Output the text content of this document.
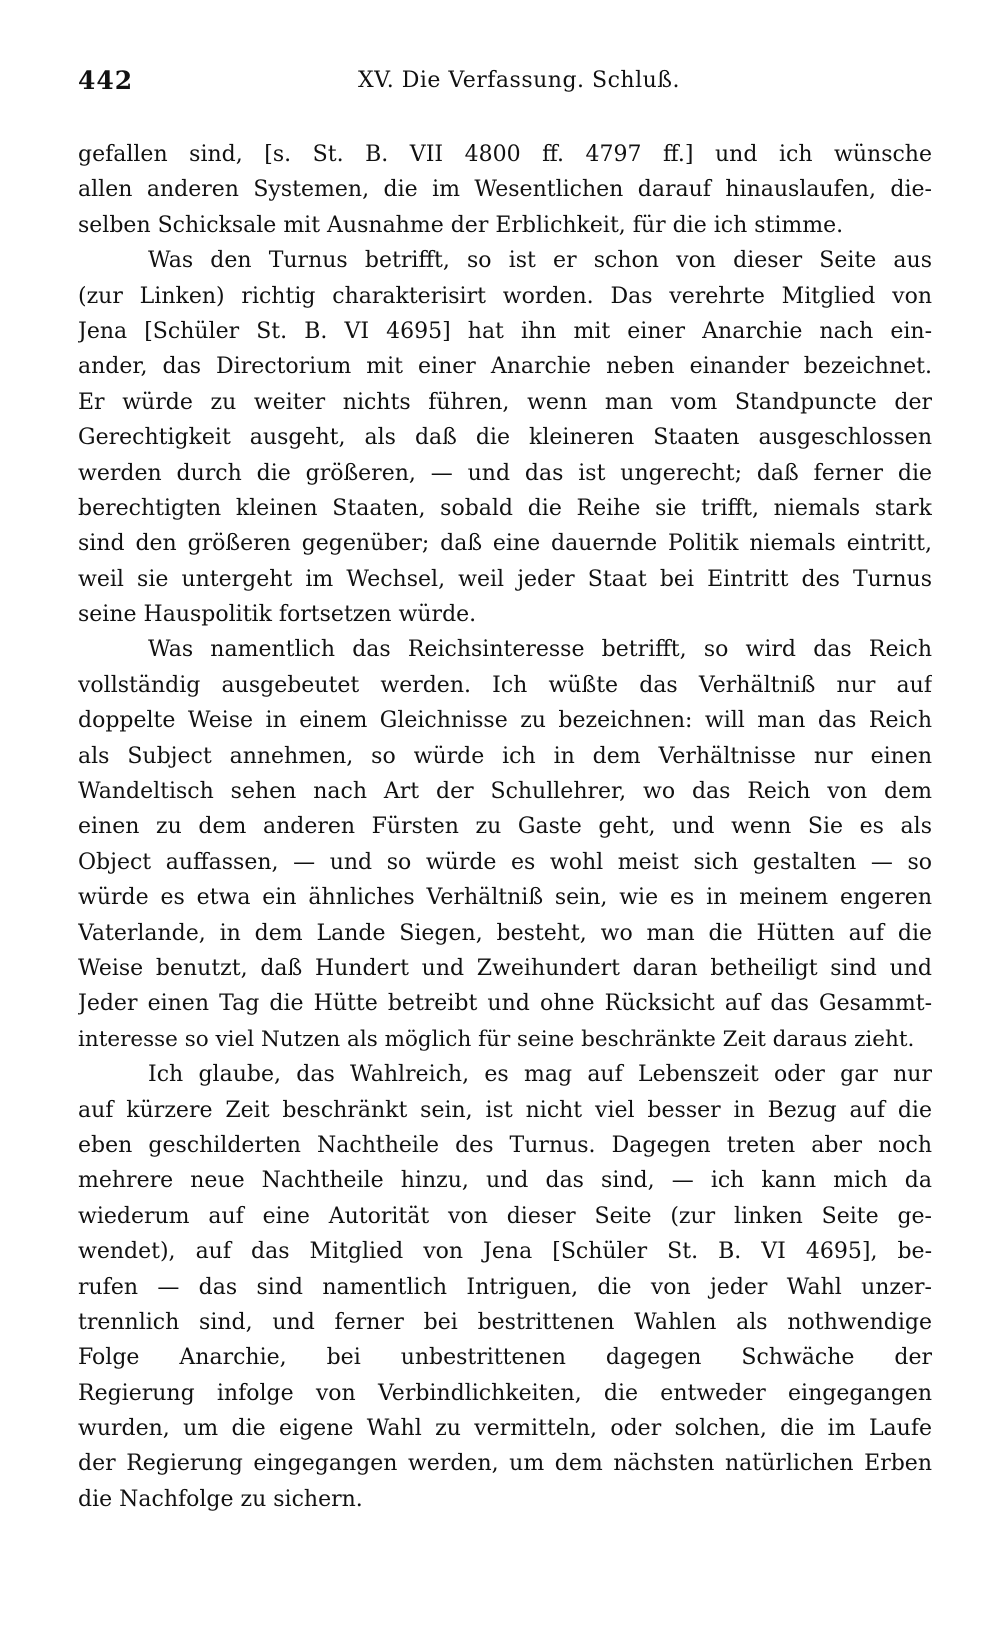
442	XV. Die Verfassung. Schluß.
gefallen sind, [s. St. B. VII 4800 ff. 4797 ff.] und ich wünsche
allen anderen Systemen, die im Wesentlichen darauf hinauslaufen, die-
selben Schicksale mit Ausnahme der Erblichkeit, für die ich stimme.
Was den Turnus betrifft, so ist er schon von dieser Seite aus
(zur Linken) richtig charakterisirt worden. Das verehrte Mitglied von
Jena [Schüler St. B. VI 4695] hat ihn mit einer Anarchie nach ein-
ander, das Directorium mit einer Anarchie neben einander bezeichnet.
Er würde zu weiter nichts führen, wenn man vom Standpuncte der
Gerechtigkeit ausgeht, als daß die kleineren Staaten ausgeschlossen
werden durch die größeren, — und das ist ungerecht; daß ferner die
berechtigten kleinen Staaten, sobald die Reihe sie trifft, niemals stark
sind den größeren gegenüber; daß eine dauernde Politik niemals eintritt,
weil sie untergeht im Wechsel, weil jeder Staat bei Eintritt des Turnus
seine Hauspolitik fortsetzen würde.
Was namentlich das Reichsinteresse betrifft, so wird das Reich
vollständig ausgebeutet werden. Ich wüßte das Verhältniß nur auf
doppelte Weise in einem Gleichnisse zu bezeichnen: will man das Reich
als Subject annehmen, so würde ich in dem Verhältnisse nur einen
Wandeltisch sehen nach Art der Schullehrer, wo das Reich von dem
einen zu dem anderen Fürsten zu Gaste geht, und wenn Sie es als
Object auffassen, — und so würde es wohl meist sich gestalten — so
würde es etwa ein ähnliches Verhältniß sein, wie es in meinem engeren
Vaterlande, in dem Lande Siegen, besteht, wo man die Hütten auf die
Weise benutzt, daß Hundert und Zweihundert daran betheiligt sind und
Jeder einen Tag die Hütte betreibt und ohne Rücksicht auf das Gesammt-
interesse so viel Nutzen als möglich für seine beschränkte Zeit daraus zieht.
Ich glaube, das Wahlreich, es mag auf Lebenszeit oder gar nur
auf kürzere Zeit beschränkt sein, ist nicht viel besser in Bezug auf die
eben geschilderten Nachtheile des Turnus. Dagegen treten aber noch
mehrere neue Nachtheile hinzu, und das sind, — ich kann mich da
wiederum auf eine Autorität von dieser Seite (zur linken Seite ge-
wendet), auf das Mitglied von Jena [Schüler St. B. VI 4695], be-
rufen — das sind namentlich Intriguen, die von jeder Wahl unzer-
trennlich sind, und ferner bei bestrittenen Wahlen als nothwendige
Folge Anarchie, bei unbestrittenen dagegen Schwäche der
Regierung infolge von Verbindlichkeiten, die entweder eingegangen
wurden, um die eigene Wahl zu vermitteln, oder solchen, die im Laufe
der Regierung eingegangen werden, um dem nächsten natürlichen Erben
die Nachfolge zu sichern.
